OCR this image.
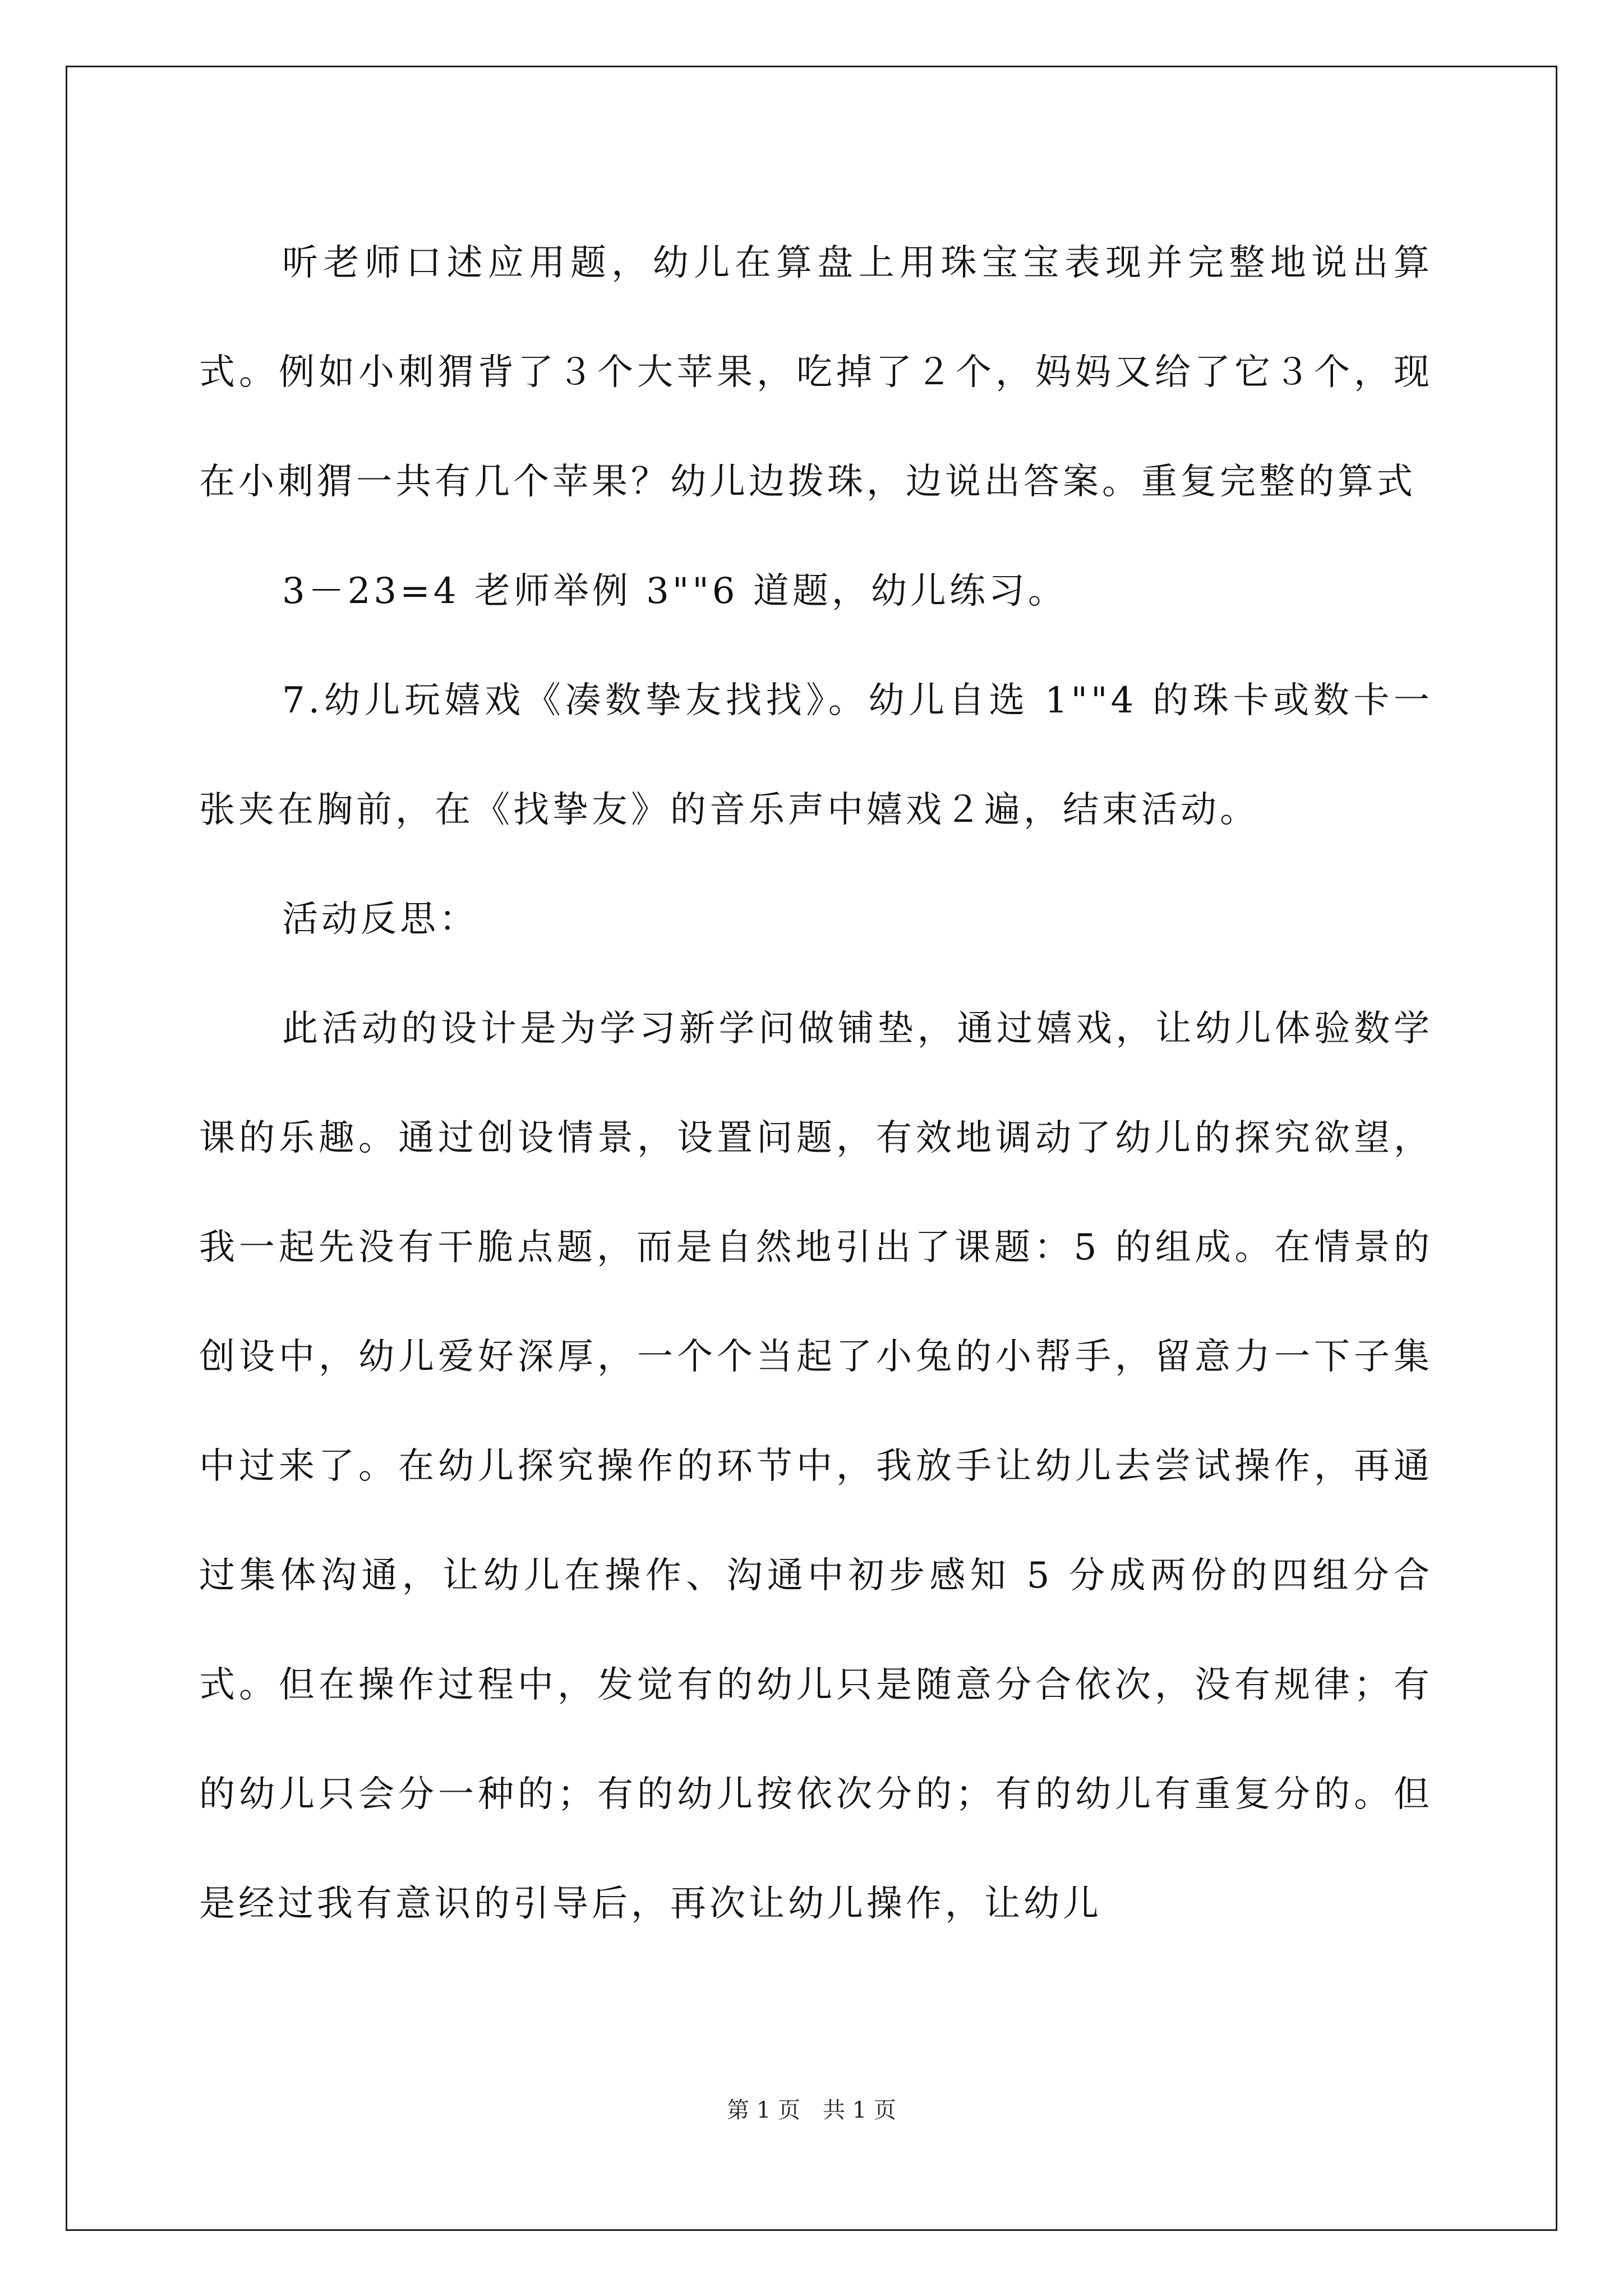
听老师口述应用题，幼儿在算盘上用珠宝宝表现并完整地说出算式。例如小刺猬背了３个大苹果，吃掉了２个，妈妈又给了它３个，现在小刺猬一共有几个苹果？幼儿边拨珠，边说出答案。重复完整的算式

3－23=4 老师举例 3""6 道题，幼儿练习。

7.幼儿玩嬉戏《凑数挚友找找》。幼儿自选 1""4 的珠卡或数卡一张夹在胸前，在《找挚友》的音乐声中嬉戏２遍，结束活动。

活动反思：

此活动的设计是为学习新学问做铺垫，通过嬉戏，让幼儿体验数学课的乐趣。通过创设情景，设置问题，有效地调动了幼儿的探究欲望，我一起先没有干脆点题，而是自然地引出了课题：5 的组成。在情景的创设中，幼儿爱好深厚，一个个当起了小兔的小帮手，留意力一下子集中过来了。在幼儿探究操作的环节中，我放手让幼儿去尝试操作，再通过集体沟通，让幼儿在操作、沟通中初步感知 5 分成两份的四组分合式。但在操作过程中，发觉有的幼儿只是随意分合依次，没有规律；有的幼儿只会分一种的；有的幼儿按依次分的；有的幼儿有重复分的。但是经过我有意识的引导后，再次让幼儿操作，让幼儿

第 1 页　共 1 页
